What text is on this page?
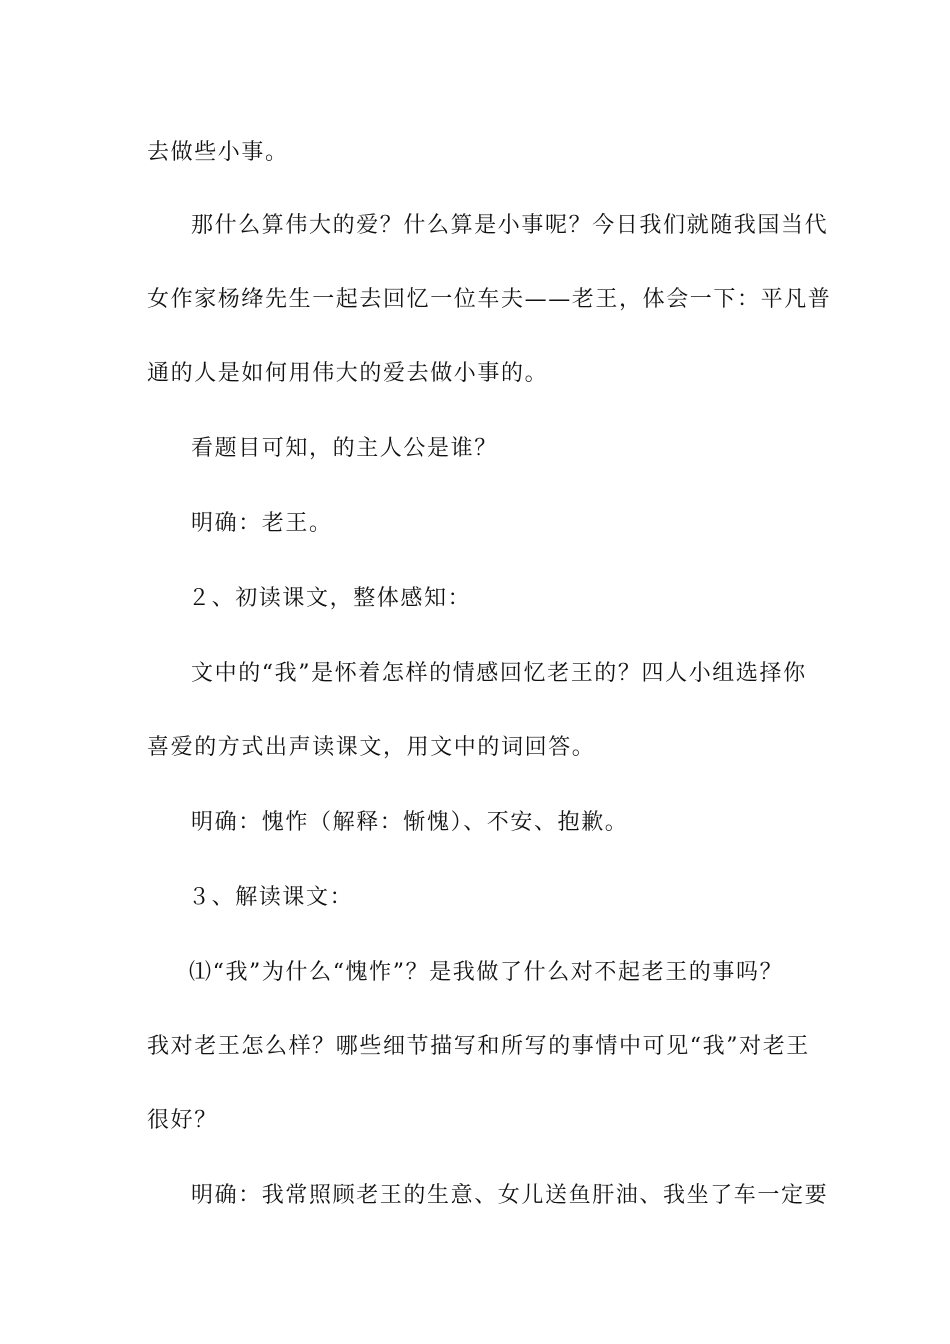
去做些小事。
那什么算伟大的爱？什么算是小事呢？今日我们就随我国当代
女作家杨绛先生一起去回忆一位车夫——老王，体会一下：平凡普
通的人是如何用伟大的爱去做小事的。
看题目可知，的主人公是谁？
明确：老王。
２、初读课文，整体感知：
文中的“我”是怀着怎样的情感回忆老王的？四人小组选择你
喜爱的方式出声读课文，用文中的词回答。
明确：愧怍（解释：惭愧）、不安、抱歉。
３、解读课文：
⑴“我”为什么“愧怍”？是我做了什么对不起老王的事吗？
我对老王怎么样？哪些细节描写和所写的事情中可见“我”对老王
很好？
明确：我常照顾老王的生意、女儿送鱼肝油、我坐了车一定要
